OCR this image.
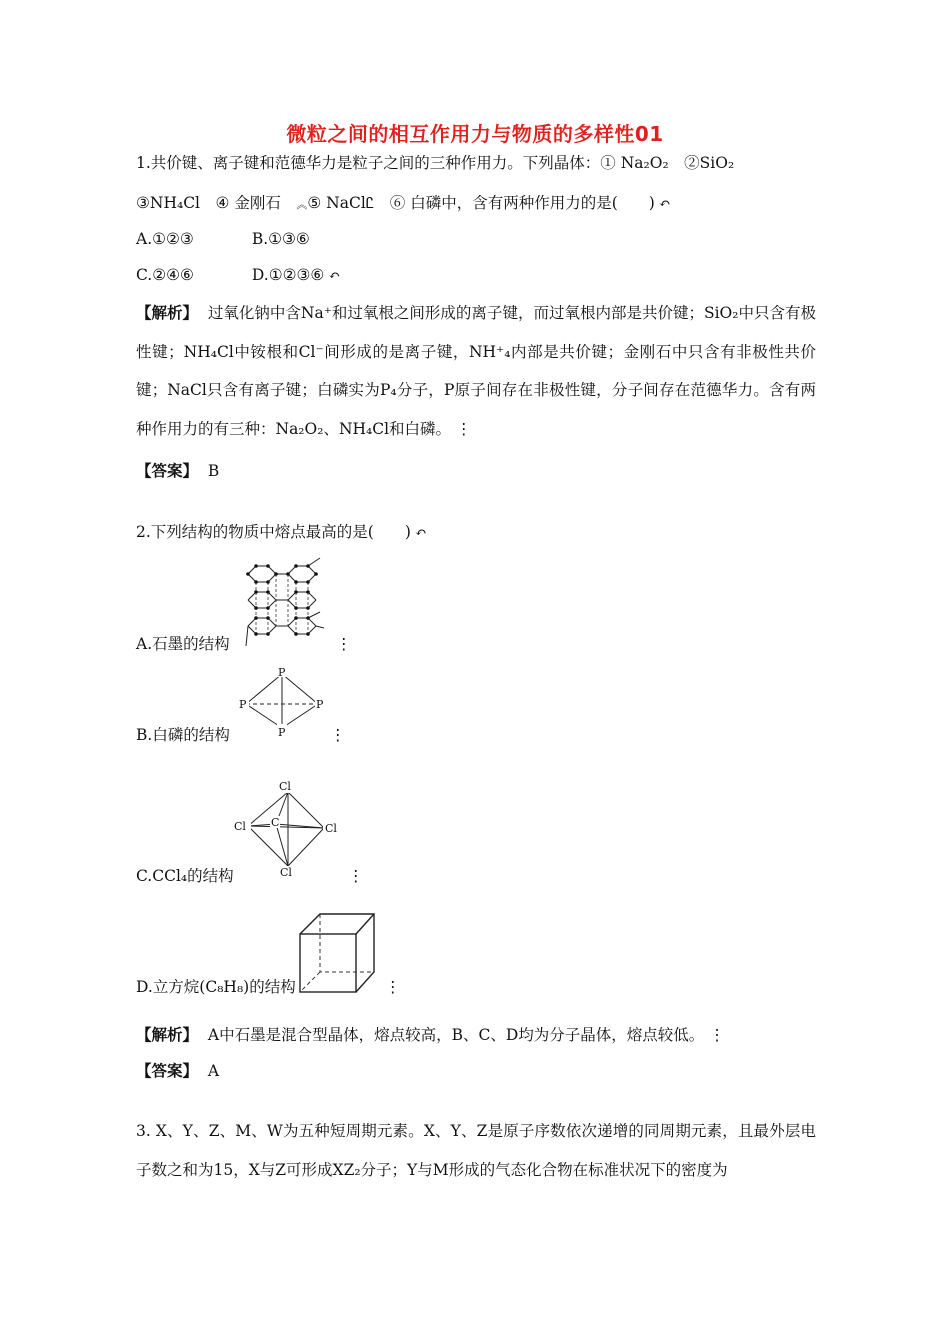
微粒之间的相互作用力与物质的多样性01
1.共价键、离子键和范德华力是粒子之间的三种作用力。下列晶体：① Na₂O₂　②SiO₂
③NH₄Cl　④ 金刚石　︽⑤ NaClᏝ　⑥ 白磷中，含有两种作用力的是(　　) ↶
A.①②③	B.①③⑥
C.②④⑥	D.①②③⑥ ↶
【解析】 过氧化钠中含Na⁺和过氧根之间形成的离子键，而过氧根内部是共价键；SiO₂中只含有极性键；NH₄Cl中铵根和Cl⁻间形成的是离子键，NH⁺₄内部是共价键；金刚石中只含有非极性共价键；NaCl只含有离子键；白磷实为P₄分子，P原子间存在非极性键，分子间存在范德华力。含有两种作用力的有三种：Na₂O₂、NH₄Cl和白磷。 ⋮
【答案】 B
2.下列结构的物质中熔点最高的是(　　) ↶
A.石墨的结构	⋮
P
P	P
P
B.白磷的结构	⋮
Cl
Cl	Cl
Cl
C
C.CCl₄的结构	⋮
D.立方烷(C₈H₈)的结构	⋮
【解析】 A中石墨是混合型晶体，熔点较高，B、C、D均为分子晶体，熔点较低。 ⋮
【答案】 A
3. X、Y、Z、M、W为五种短周期元素。X、Y、Z是原子序数依次递增的同周期元素，且最外层电子数之和为15，X与Z可形成XZ₂分子；Y与M形成的气态化合物在标准状况下的密度为
